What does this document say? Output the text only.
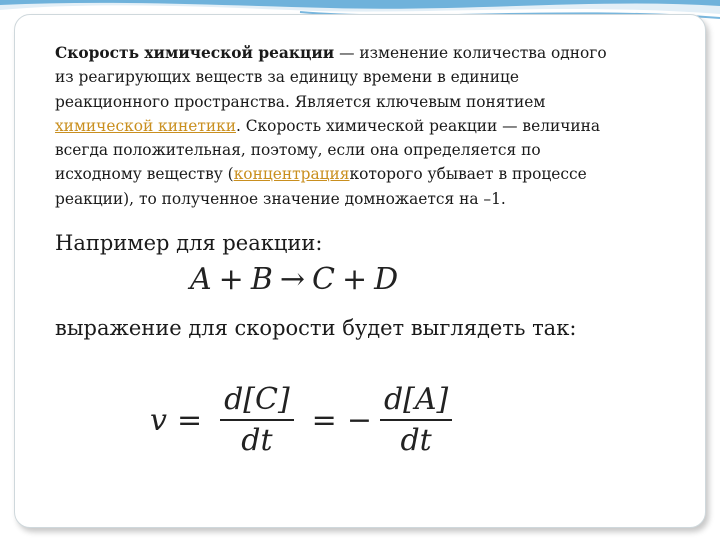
Скорость химической реакции — изменение количества одного из реагирующих веществ за единицу времени в единице реакционного пространства. Является ключевым понятием химической кинетики. Скорость химической реакции — величина всегда положительная, поэтому, если она определяется по исходному веществу (концентрациякоторого убывает в процессе реакции), то полученное значение домножается на –1.
Например для реакции:
A + B → C + D
выражение для скорости будет выглядеть так:
$v = \frac{d[C]}{dt}$ = − $\frac{d[A]}{dt}$
